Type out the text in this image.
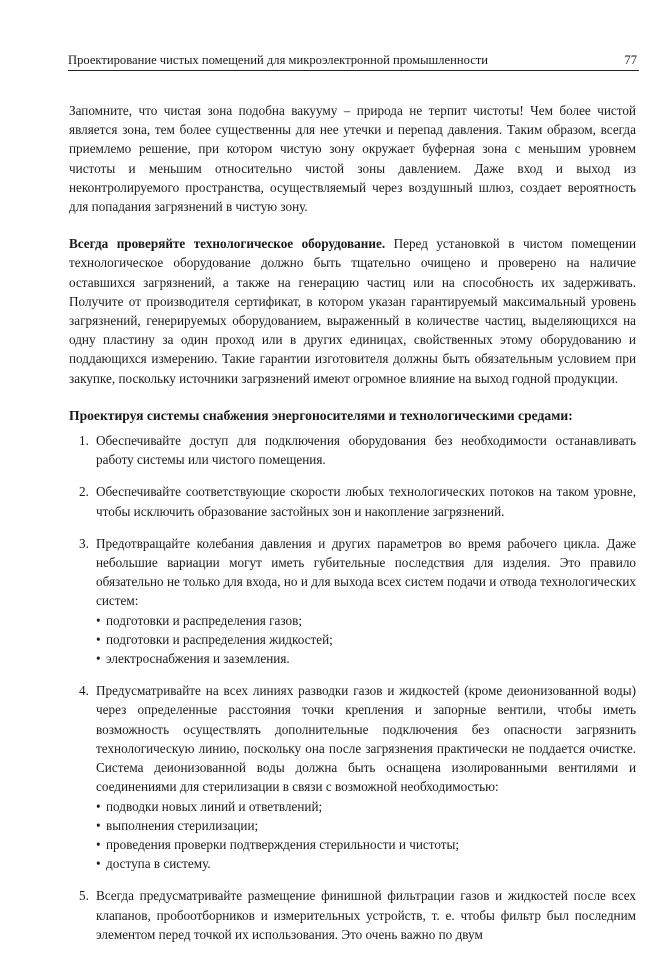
Проектирование чистых помещений для микроэлектронной промышленности	77

Запомните, что чистая зона подобна вакууму – природа не терпит чистоты! Чем более чистой является зона, тем более существенны для нее утечки и перепад давления. Таким образом, всегда приемлемо решение, при котором чистую зону окружает буферная зона с меньшим уровнем чистоты и меньшим относительно чистой зоны давлением. Даже вход и выход из неконтролируемого пространства, осуществляемый через воздушный шлюз, создает вероятность для попадания загрязнений в чистую зону.

Всегда проверяйте технологическое оборудование. Перед установкой в чистом помещении технологическое оборудование должно быть тщательно очищено и проверено на наличие оставшихся загрязнений, а также на генерацию частиц или на способность их задерживать. Получите от производителя сертификат, в котором указан гарантируемый максимальный уровень загрязнений, генерируемых оборудованием, выраженный в количестве частиц, выделяющихся на одну пластину за один проход или в других единицах, свойственных этому оборудованию и поддающихся измерению. Такие гарантии изготовителя должны быть обязательным условием при закупке, поскольку источники загрязнений имеют огромное влияние на выход годной продукции.

Проектируя системы снабжения энергоносителями и технологическими средами:

1. Обеспечивайте доступ для подключения оборудования без необходимости останавливать работу системы или чистого помещения.

2. Обеспечивайте соответствующие скорости любых технологических потоков на таком уровне, чтобы исключить образование застойных зон и накопление загрязнений.

3. Предотвращайте колебания давления и других параметров во время рабочего цикла. Даже небольшие вариации могут иметь губительные последствия для изделия. Это правило обязательно не только для входа, но и для выхода всех систем подачи и отвода технологических систем:

• подготовки и распределения газов;
• подготовки и распределения жидкостей;
• электроснабжения и заземления.
4. Предусматривайте на всех линиях разводки газов и жидкостей (кроме деионизованной воды) через определенные расстояния точки крепления и запорные вентили, чтобы иметь возможность осуществлять дополнительные подключения без опасности загрязнить технологическую линию, поскольку она после загрязнения практически не поддается очистке. Система деионизованной воды должна быть оснащена изолированными вентилями и соединениями для стерилизации в связи с возможной необходимостью:

• подводки новых линий и ответвлений;
• выполнения стерилизации;
• проведения проверки подтверждения стерильности и чистоты;
• доступа в систему.
5. Всегда предусматривайте размещение финишной фильтрации газов и жидкостей после всех клапанов, пробоотборников и измерительных устройств, т. е. чтобы фильтр был последним элементом перед точкой их использования. Это очень важно по двум
